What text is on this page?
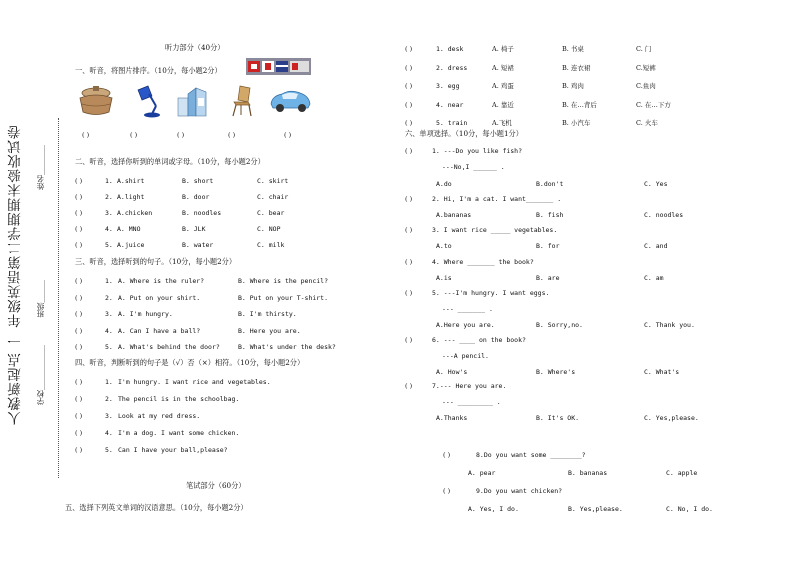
人教新起点 一 年级英语第二学期期末验收试卷 学校____________
班级______
姓名________
听力部分（40分）
一、听音，将图片排序。（10分，每小题2分）
( )	( )	( )	( )	( )
二、听音，选择你听到的单词或字母。（10分，每小题2分）
( )	1. A.shirt	B. short	C. skirt
( )	2. A.light	B. door	C. chair
( )	3. A.chicken	B. noodles	C. bear
( )	4. A. MNO	B. JLK	C. NOP
( )	5. A.juice	B. water	C. milk
三、听音，选择听到的句子。（10分，每小题2分）
( )	1. A. Where is the ruler?	B. Where is the pencil?
( )	2. A. Put on your shirt.	B. Put on your T-shirt.
( )	3. A. I'm hungry.	B. I'm thirsty.
( )	4. A. Can I have a ball?	B. Here you are.
( )	5. A. What's behind the door?	B. What's under the desk?
四、听音，判断听到的句子是（√）否（×）相符。（10分，每小题2分）
( )	1. I'm hungry. I want rice and vegetables.
( )	2. The pencil is in the schoolbag.
( )	3. Look at my red dress.
( )	4. I'm a dog. I want some chicken.
( )	5. Can I have your ball,please?
笔试部分（60分）
五、选择下列英文单词的汉语意思。（10分，每小题2分）
( )	1. desk	A. 椅子	B. 书桌	C. 门
( )	2. dress	A. 短裙	B. 连衣裙	C.短裤
( )	3. egg	A. 鸡蛋	B. 鸡肉	C.鱼肉
( )	4. near	A. 靠近	B. 在…背后	C. 在…下方
( )	5. train	A.飞机	B. 小汽车	C. 火车
六、单项选择。（10分，每小题1分）
( )	1. ---Do you like fish?
---No,I ______ .
A.do	B.don't	C. Yes
( )	2. Hi, I'm a cat. I want_______ .
A.bananas	B. fish	C. noodles
( )	3. I want rice _____ vegetables.
A.to	B. for	C. and
( )	4. Where _______ the book?
A.is	B. are	C. am
( )	5. ---I'm hungry. I want eggs.
--- _______ .
A.Here you are.	B. Sorry,no.	C. Thank you.
( )	6. --- ____ on the book?
---A pencil.
A. How's	B. Where's	C. What's
( )	7.--- Here you are.
--- _________ .
A.Thanks	B. It's OK.	C. Yes,please.
( )	8.Do you want some ________?
A. pear	B. bananas	C. apple
( )	9.Do you want chicken?
A. Yes, I do.	B. Yes,please.	C. No, I do.
